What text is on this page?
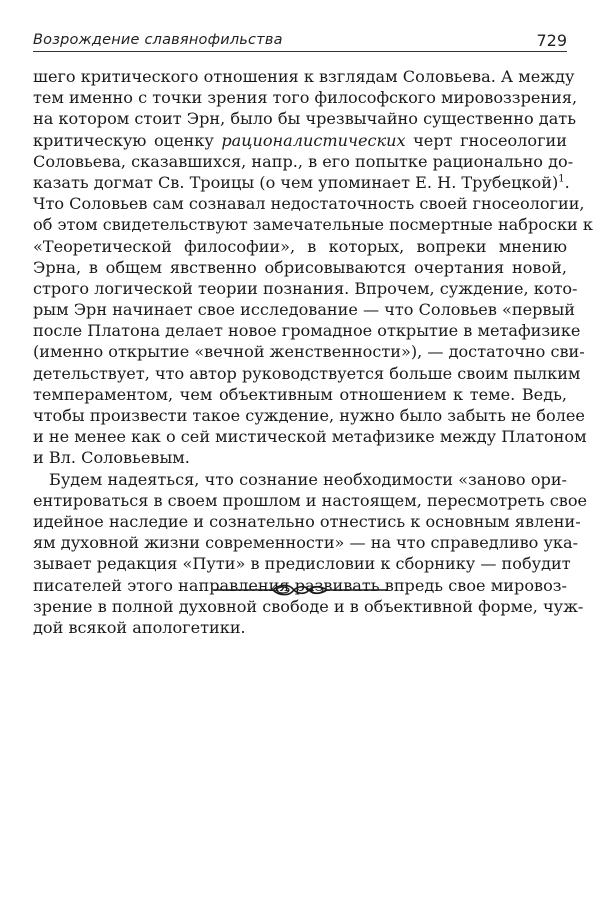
Возрождение славянофильства	729
шего критического отношения к взглядам Соловьева. А между
тем именно с точки зрения того философского мировоззрения,
на котором стоит Эрн, было бы чрезвычайно существенно дать
критическую оценку рационалистических черт гносеологии
Соловьева, сказавшихся, напр., в его попытке рационально до-
казать догмат Св. Троицы (о чем упоминает Е. Н. Трубецкой)$^1$.
Что Соловьев сам сознавал недостаточность своей гносеологии,
об этом свидетельствуют замечательные посмертные наброски к
«Теоретической философии», в которых, вопреки мнению
Эрна, в общем явственно обрисовываются очертания новой,
строго логической теории познания. Впрочем, суждение, кото-
рым Эрн начинает свое исследование — что Соловьев «первый
после Платона делает новое громадное открытие в метафизике
(именно открытие «вечной женственности»), — достаточно сви-
детельствует, что автор руководствуется больше своим пылким
темпераментом, чем объективным отношением к теме. Ведь,
чтобы произвести такое суждение, нужно было забыть не более
и не менее как о сей мистической метафизике между Платоном
и Вл. Соловьевым.
Будем надеяться, что сознание необходимости «заново ори-
ентироваться в своем прошлом и настоящем, пересмотреть свое
идейное наследие и сознательно отнестись к основным явлени-
ям духовной жизни современности» — на что справедливо ука-
зывает редакция «Пути» в предисловии к сборнику — побудит
писателей этого направления развивать впредь свое мировоз-
зрение в полной духовной свободе и в объективной форме, чуж-
дой всякой апологетики.
